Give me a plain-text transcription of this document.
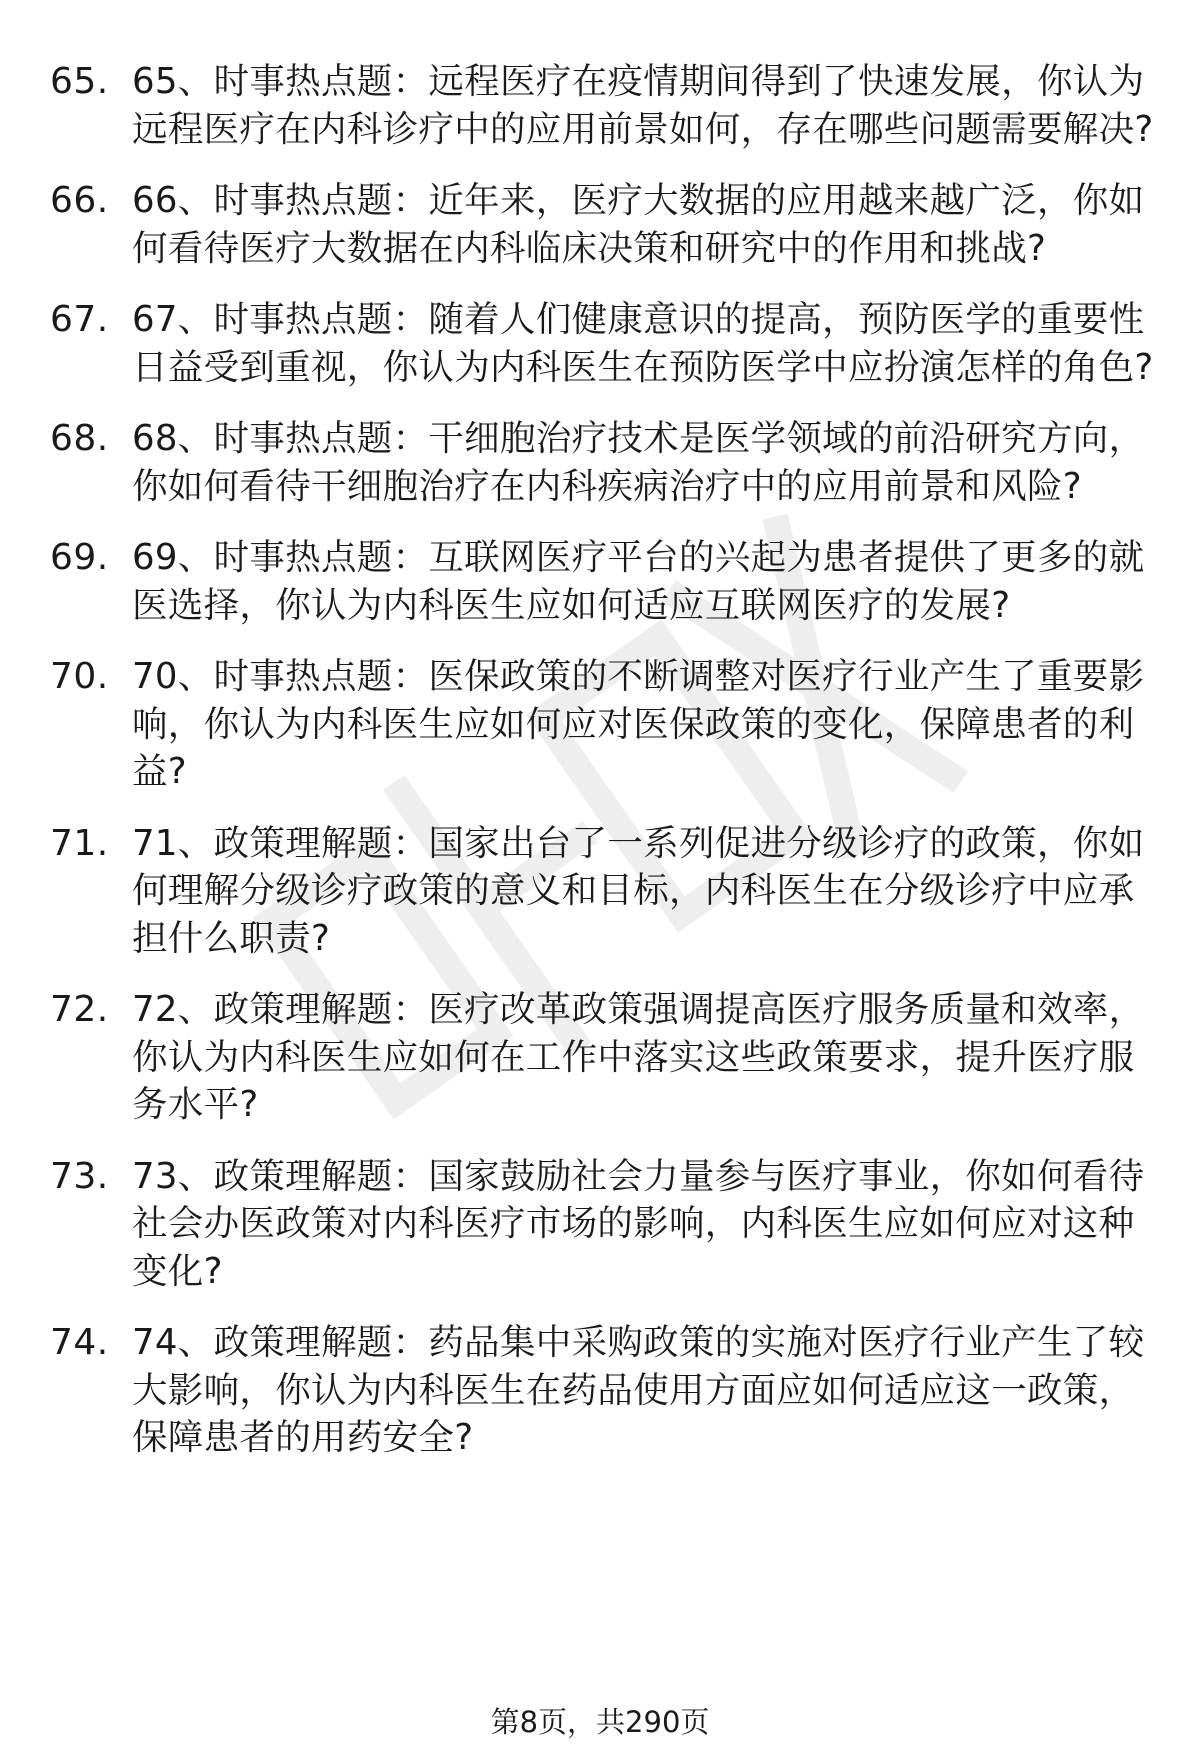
65. 65、时事热点题：远程医疗在疫情期间得到了快速发展，你认为远程医疗在内科诊疗中的应用前景如何，存在哪些问题需要解决?
66. 66、时事热点题：近年来，医疗大数据的应用越来越广泛，你如何看待医疗大数据在内科临床决策和研究中的作用和挑战?
67. 67、时事热点题：随着人们健康意识的提高，预防医学的重要性日益受到重视，你认为内科医生在预防医学中应扮演怎样的角色?
68. 68、时事热点题：干细胞治疗技术是医学领域的前沿研究方向，你如何看待干细胞治疗在内科疾病治疗中的应用前景和风险?
69. 69、时事热点题：互联网医疗平台的兴起为患者提供了更多的就医选择，你认为内科医生应如何适应互联网医疗的发展?
70. 70、时事热点题：医保政策的不断调整对医疗行业产生了重要影响，你认为内科医生应如何应对医保政策的变化，保障患者的利益?
71. 71、政策理解题：国家出台了一系列促进分级诊疗的政策，你如何理解分级诊疗政策的意义和目标，内科医生在分级诊疗中应承担什么职责?
72. 72、政策理解题：医疗改革政策强调提高医疗服务质量和效率，你认为内科医生应如何在工作中落实这些政策要求，提升医疗服务水平?
73. 73、政策理解题：国家鼓励社会力量参与医疗事业，你如何看待社会办医政策对内科医疗市场的影响，内科医生应如何应对这种变化?
74. 74、政策理解题：药品集中采购政策的实施对医疗行业产生了较大影响，你认为内科医生在药品使用方面应如何适应这一政策，保障患者的用药安全?
第8页，共290页
